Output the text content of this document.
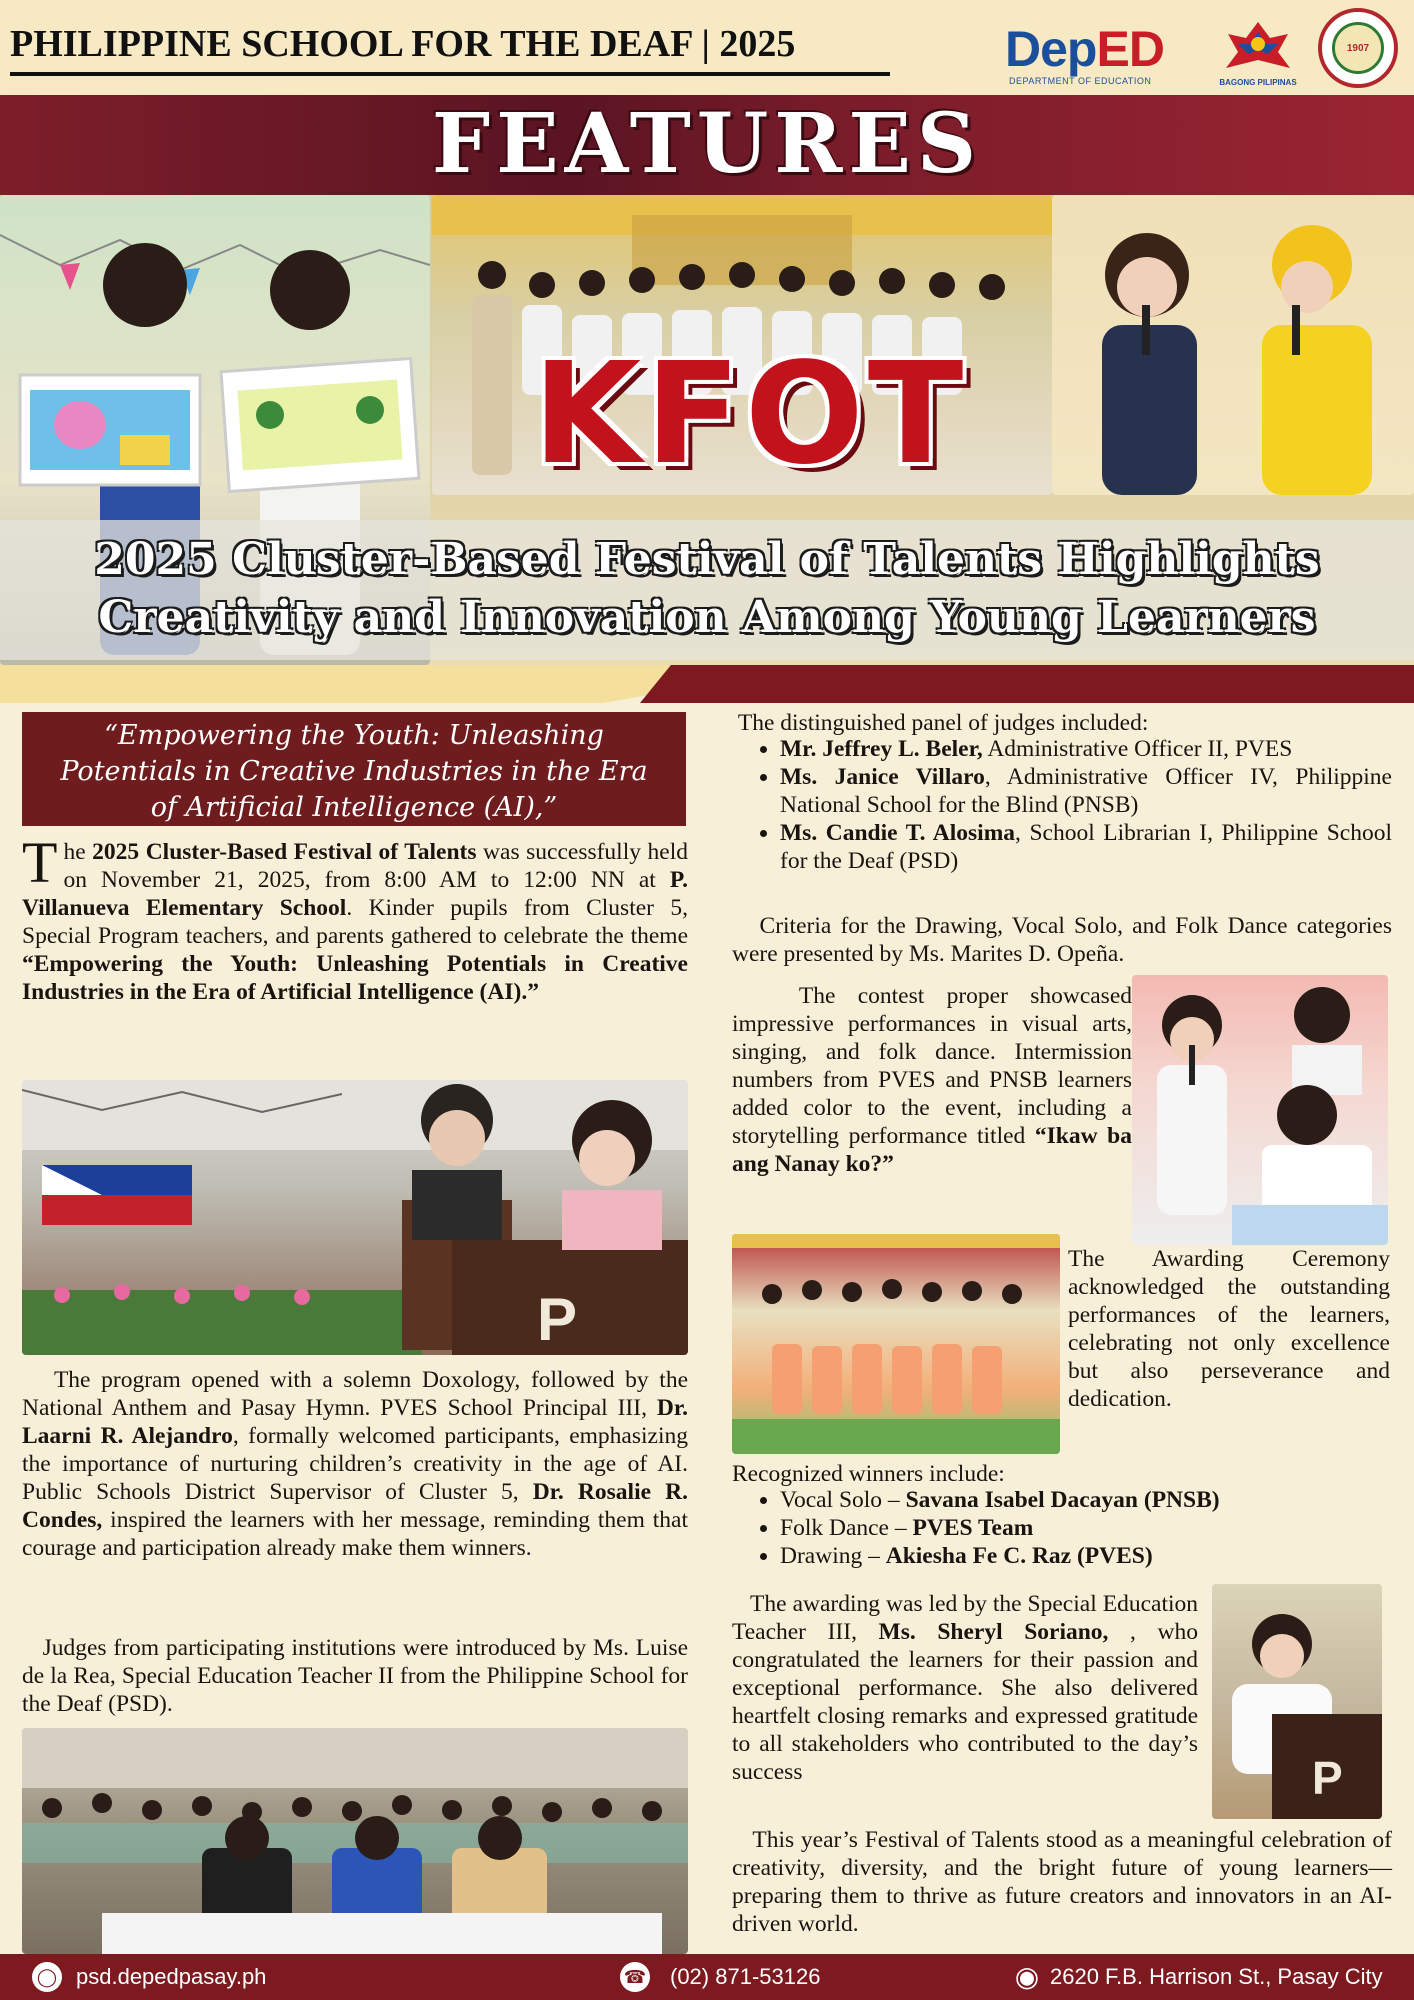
PHILIPPINE SCHOOL FOR THE DEAF | 2025	DepED
DEPARTMENT OF EDUCATION	BAGONG PILIPINAS
1907
FEATURES
KFOT
2025 Cluster-Based Festival of Talents Highlights
Creativity and Innovation Among Young Learners
“Empowering the Youth: Unleashing
Potentials in Creative Industries in the Era
of Artificial Intelligence (AI),”

The 2025 Cluster-Based Festival of Talents was successfully held on November 21, 2025, from 8:00 AM to 12:00 NN at P. Villanueva Elementary School. Kinder pupils from Cluster 5, Special Program teachers, and parents gathered to celebrate the theme “Empowering the Youth: Unleashing Potentials in Creative Industries in the Era of Artificial Intelligence (AI).”

P

The program opened with a solemn Doxology, followed by the National Anthem and Pasay Hymn. PVES School Principal III, Dr. Laarni R. Alejandro, formally welcomed participants, emphasizing the importance of nurturing children’s creativity in the age of AI. Public Schools District Supervisor of Cluster 5, Dr. Rosalie R. Condes, inspired the learners with her message, reminding them that courage and participation already make them winners.

Judges from participating institutions were introduced by Ms. Luise de la Rea, Special Education Teacher II from the Philippine School for the Deaf (PSD).

The distinguished panel of judges included:

• Mr. Jeffrey L. Beler, Administrative Officer II, PVES
• Ms. Janice Villaro, Administrative Officer IV, Philippine National School for the Blind (PNSB)
• Ms. Candie T. Alosima, School Librarian I, Philippine School for the Deaf (PSD)

Criteria for the Drawing, Vocal Solo, and Folk Dance categories were presented by Ms. Marites D. Opeña.

The contest proper showcased impressive performances in visual arts, singing, and folk dance. Intermission numbers from PVES and PNSB learners added color to the event, including a storytelling performance titled “Ikaw ba ang Nanay ko?”

The Awarding Ceremony acknowledged the outstanding performances of the learners, celebrating not only excellence but also perseverance and dedication.

Recognized winners include:

• Vocal Solo – Savana Isabel Dacayan (PNSB)
• Folk Dance – PVES Team
• Drawing – Akiesha Fe C. Raz (PVES)

The awarding was led by the Special Education Teacher III, Ms. Sheryl Soriano, , who congratulated the learners for their passion and exceptional performance. She also delivered heartfelt closing remarks and expressed gratitude to all stakeholders who contributed to the day’s success	P

This year’s Festival of Talents stood as a meaningful celebration of creativity, diversity, and the bright future of young learners—preparing them to thrive as future creators and innovators in an AI-driven world.

◯ psd.depedpasay.ph	☎ (02) 871-53126	◉ 2620 F.B. Harrison St., Pasay City
